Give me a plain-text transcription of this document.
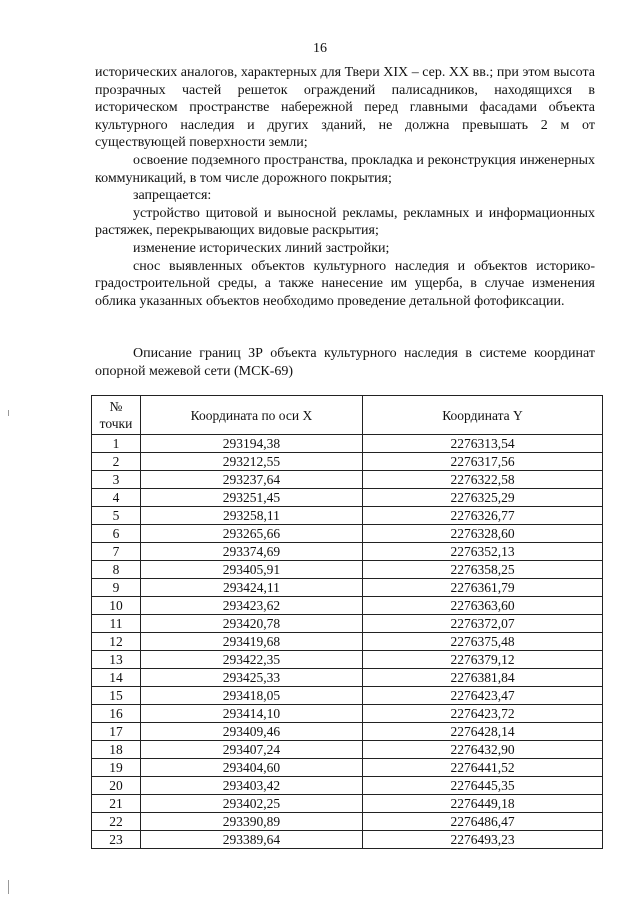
16

исторических аналогов, характерных для Твери XIX – сер. XX вв.; при этом высота прозрачных частей решеток ограждений палисадников, находящихся в историческом пространстве набережной перед главными фасадами объекта культурного наследия и других зданий, не должна превышать 2 м от существующей поверхности земли;

освоение подземного пространства, прокладка и реконструкция инженерных коммуникаций, в том числе дорожного покрытия;

запрещается:

устройство щитовой и выносной рекламы, рекламных и информационных растяжек, перекрывающих видовые раскрытия;

изменение исторических линий застройки;

снос выявленных объектов культурного наследия и объектов историко-градостроительной среды, а также нанесение им ущерба, в случае изменения облика указанных объектов необходимо проведение детальной фотофиксации.

Описание границ ЗР объекта культурного наследия в системе координат опорной межевой сети (МСК-69)

№ точки	Координата по оси X	Координата Y
1	293194,38	2276313,54
2	293212,55	2276317,56
3	293237,64	2276322,58
4	293251,45	2276325,29
5	293258,11	2276326,77
6	293265,66	2276328,60
7	293374,69	2276352,13
8	293405,91	2276358,25
9	293424,11	2276361,79
10	293423,62	2276363,60
11	293420,78	2276372,07
12	293419,68	2276375,48
13	293422,35	2276379,12
14	293425,33	2276381,84
15	293418,05	2276423,47
16	293414,10	2276423,72
17	293409,46	2276428,14
18	293407,24	2276432,90
19	293404,60	2276441,52
20	293403,42	2276445,35
21	293402,25	2276449,18
22	293390,89	2276486,47
23	293389,64	2276493,23
